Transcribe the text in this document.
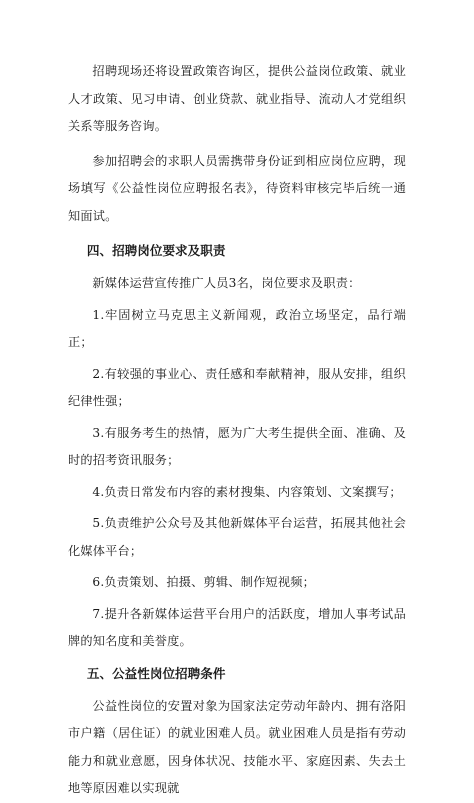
招聘现场还将设置政策咨询区，提供公益岗位政策、就业人才政策、见习申请、创业贷款、就业指导、流动人才党组织关系等服务咨询。

参加招聘会的求职人员需携带身份证到相应岗位应聘，现场填写《公益性岗位应聘报名表》，待资料审核完毕后统一通知面试。

四、招聘岗位要求及职责

新媒体运营宣传推广人员3名，岗位要求及职责：

1.牢固树立马克思主义新闻观，政治立场坚定，品行端正；

2.有较强的事业心、责任感和奉献精神，服从安排，组织纪律性强；

3.有服务考生的热情，愿为广大考生提供全面、准确、及时的招考资讯服务；

4.负责日常发布内容的素材搜集、内容策划、文案撰写；

5.负责维护公众号及其他新媒体平台运营，拓展其他社会化媒体平台；

6.负责策划、拍摄、剪辑、制作短视频；

7.提升各新媒体运营平台用户的活跃度，增加人事考试品牌的知名度和美誉度。

五、公益性岗位招聘条件

公益性岗位的安置对象为国家法定劳动年龄内、拥有洛阳市户籍（居住证）的就业困难人员。就业困难人员是指有劳动能力和就业意愿，因身体状况、技能水平、家庭因素、失去土地等原因难以实现就
